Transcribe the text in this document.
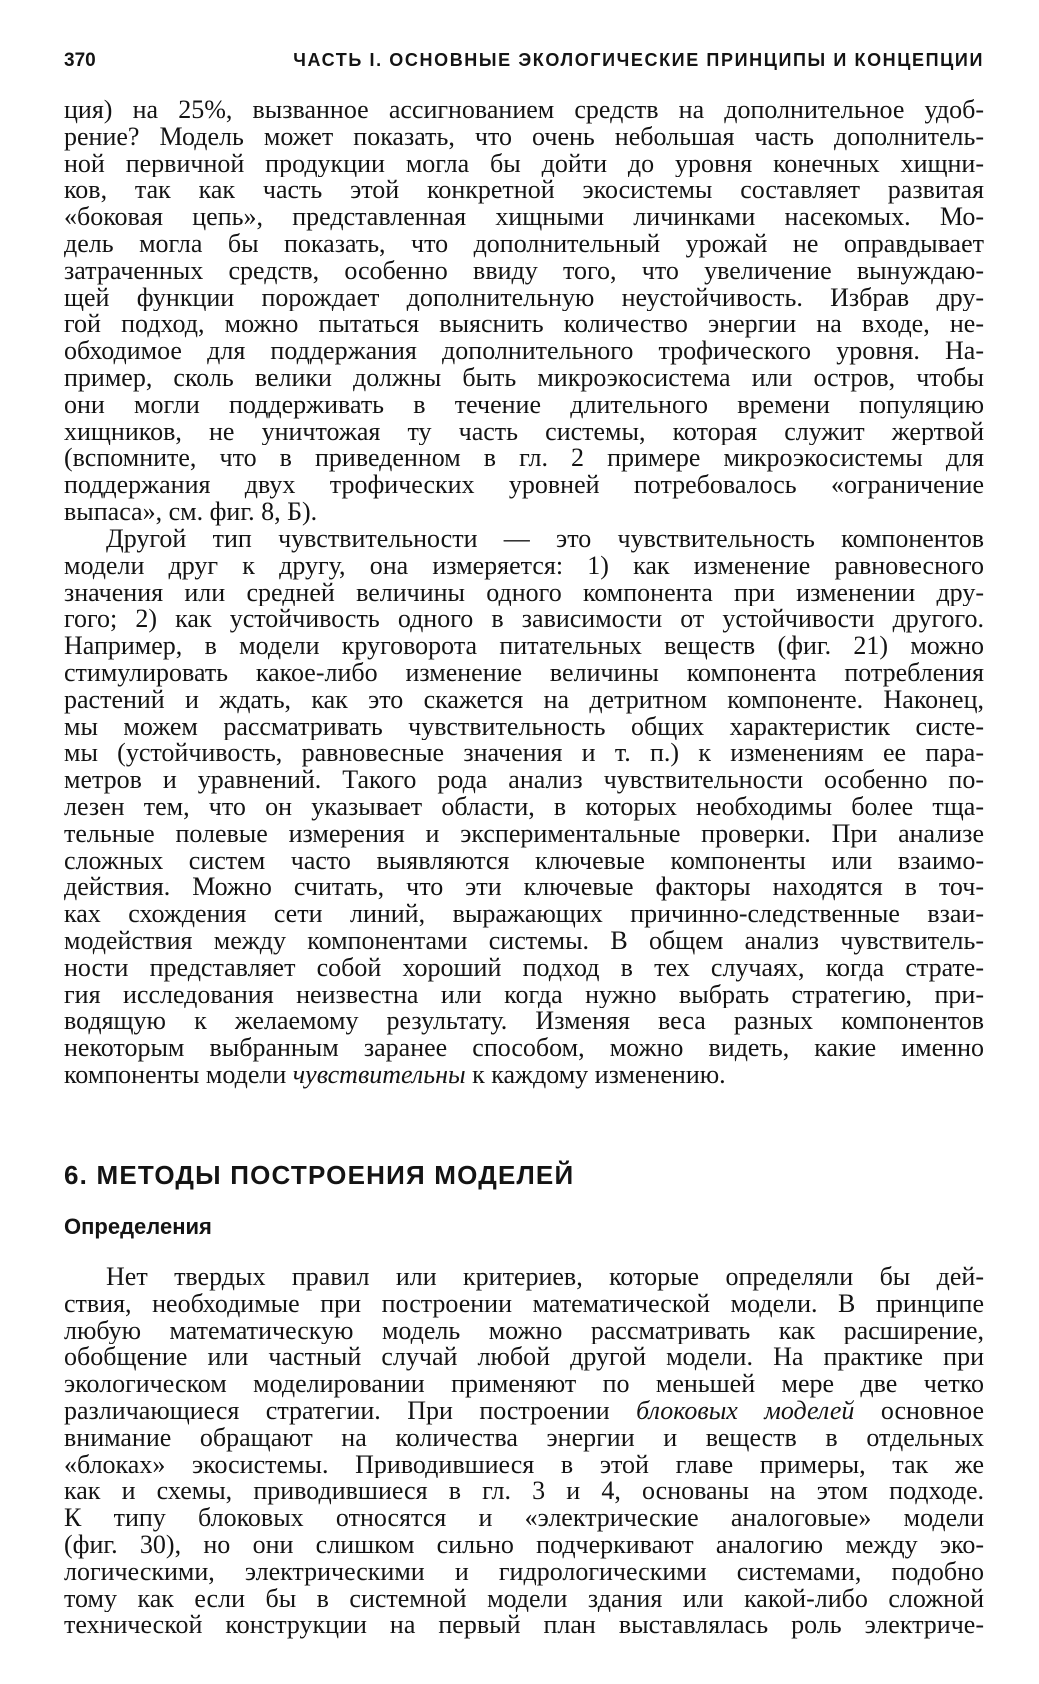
370	ЧАСТЬ I. ОСНОВНЫЕ ЭКОЛОГИЧЕСКИЕ ПРИНЦИПЫ И КОНЦЕПЦИИ

ция) на 25%, вызванное ассигнованием средств на дополнительное удоб-
рение? Модель может показать, что очень небольшая часть дополнитель-
ной первичной продукции могла бы дойти до уровня конечных хищни-
ков, так как часть этой конкретной экосистемы составляет развитая
«боковая цепь», представленная хищными личинками насекомых. Мо-
дель могла бы показать, что дополнительный урожай не оправдывает
затраченных средств, особенно ввиду того, что увеличение вынуждаю-
щей функции порождает дополнительную неустойчивость. Избрав дру-
гой подход, можно пытаться выяснить количество энергии на входе, не-
обходимое для поддержания дополнительного трофического уровня. На-
пример, сколь велики должны быть микроэкосистема или остров, чтобы
они могли поддерживать в течение длительного времени популяцию
хищников, не уничтожая ту часть системы, которая служит жертвой
(вспомните, что в приведенном в гл. 2 примере микроэкосистемы для
поддержания двух трофических уровней потребовалось «ограничение
выпаса», см. фиг. 8, Б).

Другой тип чувствительности — это чувствительность компонентов
модели друг к другу, она измеряется: 1) как изменение равновесного
значения или средней величины одного компонента при изменении дру-
гого; 2) как устойчивость одного в зависимости от устойчивости другого.
Например, в модели круговорота питательных веществ (фиг. 21) можно
стимулировать какое-либо изменение величины компонента потребления
растений и ждать, как это скажется на детритном компоненте. Наконец,
мы можем рассматривать чувствительность общих характеристик систе-
мы (устойчивость, равновесные значения и т. п.) к изменениям ее пара-
метров и уравнений. Такого рода анализ чувствительности особенно по-
лезен тем, что он указывает области, в которых необходимы более тща-
тельные полевые измерения и экспериментальные проверки. При анализе
сложных систем часто выявляются ключевые компоненты или взаимо-
действия. Можно считать, что эти ключевые факторы находятся в точ-
ках схождения сети линий, выражающих причинно-следственные взаи-
модействия между компонентами системы. В общем анализ чувствитель-
ности представляет собой хороший подход в тех случаях, когда страте-
гия исследования неизвестна или когда нужно выбрать стратегию, при-
водящую к желаемому результату. Изменяя веса разных компонентов
некоторым выбранным заранее способом, можно видеть, какие именно
компоненты модели чувствительны к каждому изменению.

6. МЕТОДЫ ПОСТРОЕНИЯ МОДЕЛЕЙ
Определения

Нет твердых правил или критериев, которые определяли бы дей-
ствия, необходимые при построении математической модели. В принципе
любую математическую модель можно рассматривать как расширение,
обобщение или частный случай любой другой модели. На практике при
экологическом моделировании применяют по меньшей мере две четко
различающиеся стратегии. При построении блоковых моделей основное
внимание обращают на количества энергии и веществ в отдельных
«блоках» экосистемы. Приводившиеся в этой главе примеры, так же
как и схемы, приводившиеся в гл. 3 и 4, основаны на этом подходе.
К типу блоковых относятся и «электрические аналоговые» модели
(фиг. 30), но они слишком сильно подчеркивают аналогию между эко-
логическими, электрическими и гидрологическими системами, подобно
тому как если бы в системной модели здания или какой-либо сложной
технической конструкции на первый план выставлялась роль электриче-
